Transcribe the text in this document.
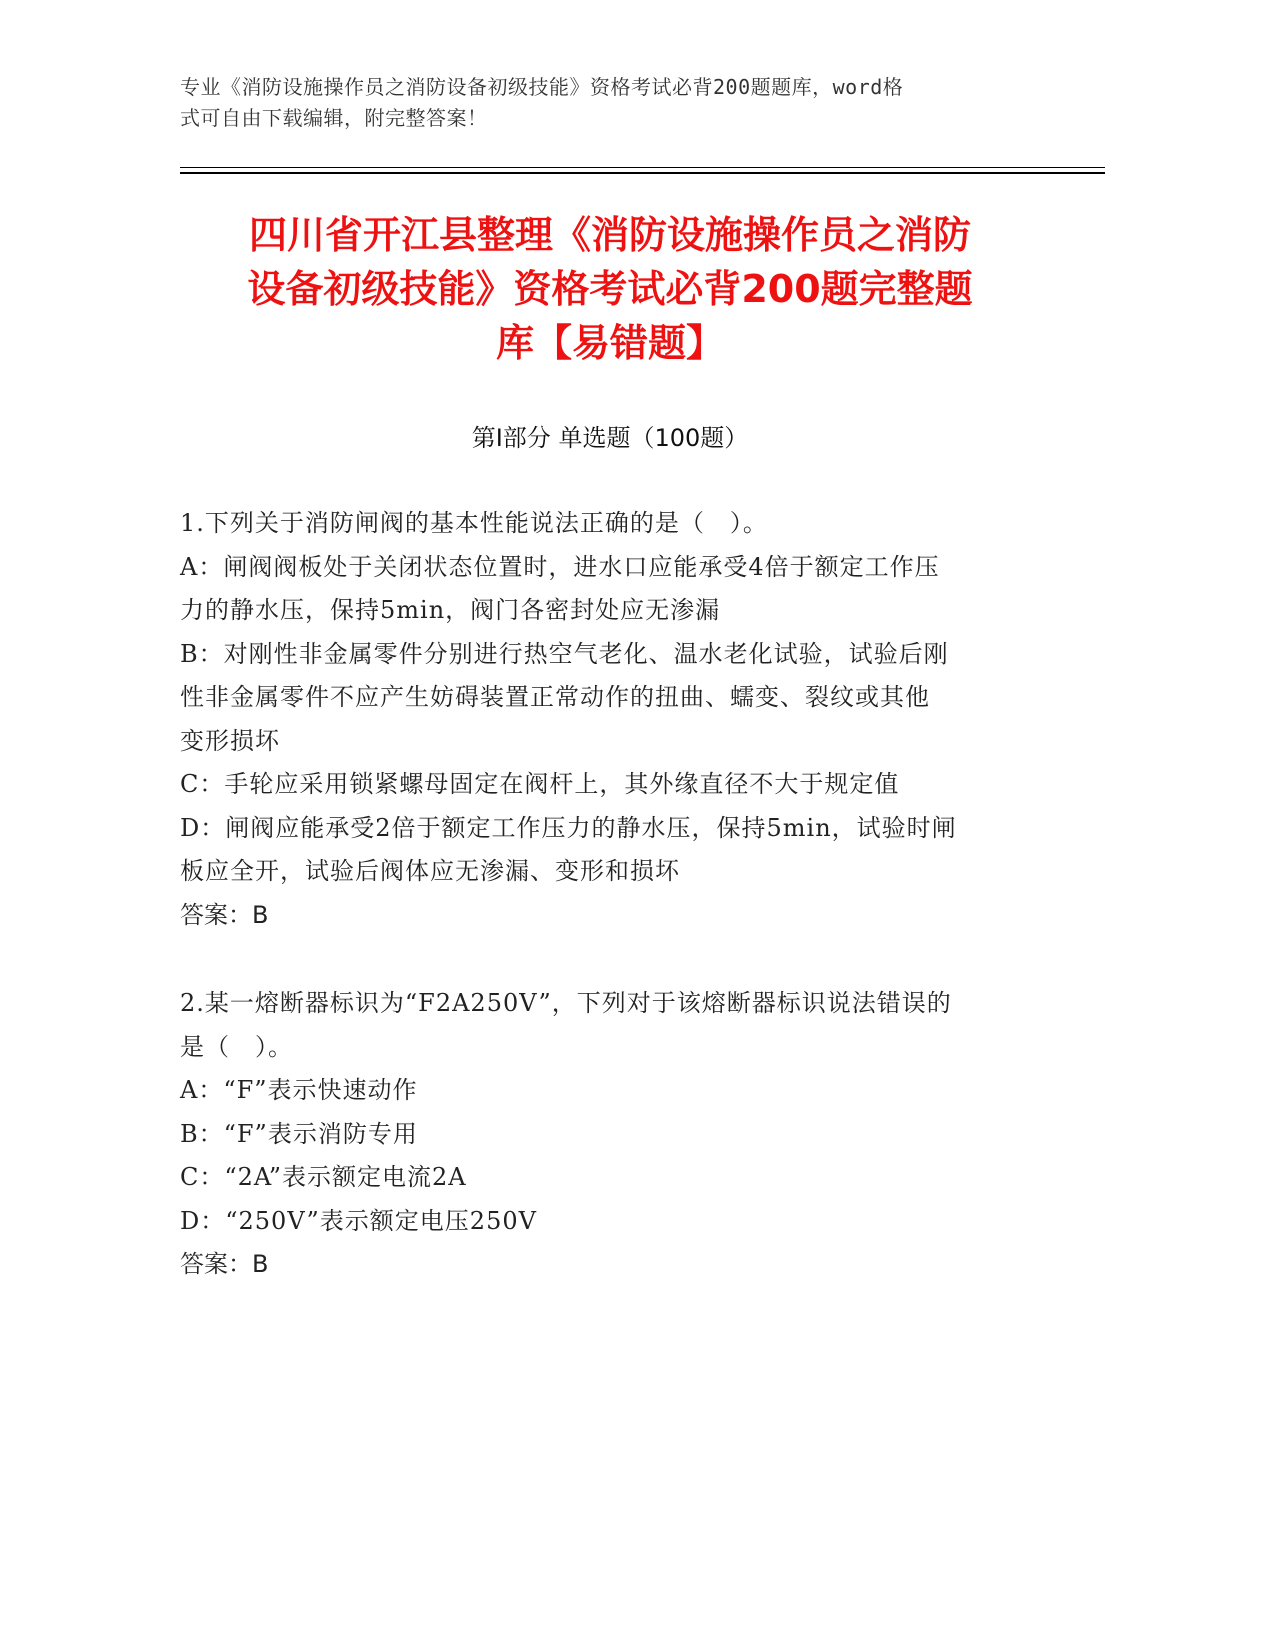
专业《消防设施操作员之消防设备初级技能》资格考试必背200题题库，word格
式可自由下载编辑，附完整答案！
四川省开江县整理《消防设施操作员之消防
设备初级技能》资格考试必背200题完整题
库【易错题】
第Ⅰ部分 单选题（100题）

1.下列关于消防闸阀的基本性能说法正确的是（　）。

A：闸阀阀板处于关闭状态位置时，进水口应能承受4倍于额定工作压

力的静水压，保持5min，阀门各密封处应无渗漏

B：对刚性非金属零件分别进行热空气老化、温水老化试验，试验后刚

性非金属零件不应产生妨碍装置正常动作的扭曲、蠕变、裂纹或其他

变形损坏

C：手轮应采用锁紧螺母固定在阀杆上，其外缘直径不大于规定值

D：闸阀应能承受2倍于额定工作压力的静水压，保持5min，试验时闸

板应全开，试验后阀体应无渗漏、变形和损坏

答案：B

2.某一熔断器标识为“F2A250V”，下列对于该熔断器标识说法错误的

是（　）。

A：“F”表示快速动作

B：“F”表示消防专用

C：“2A”表示额定电流2A

D：“250V”表示额定电压250V

答案：B
